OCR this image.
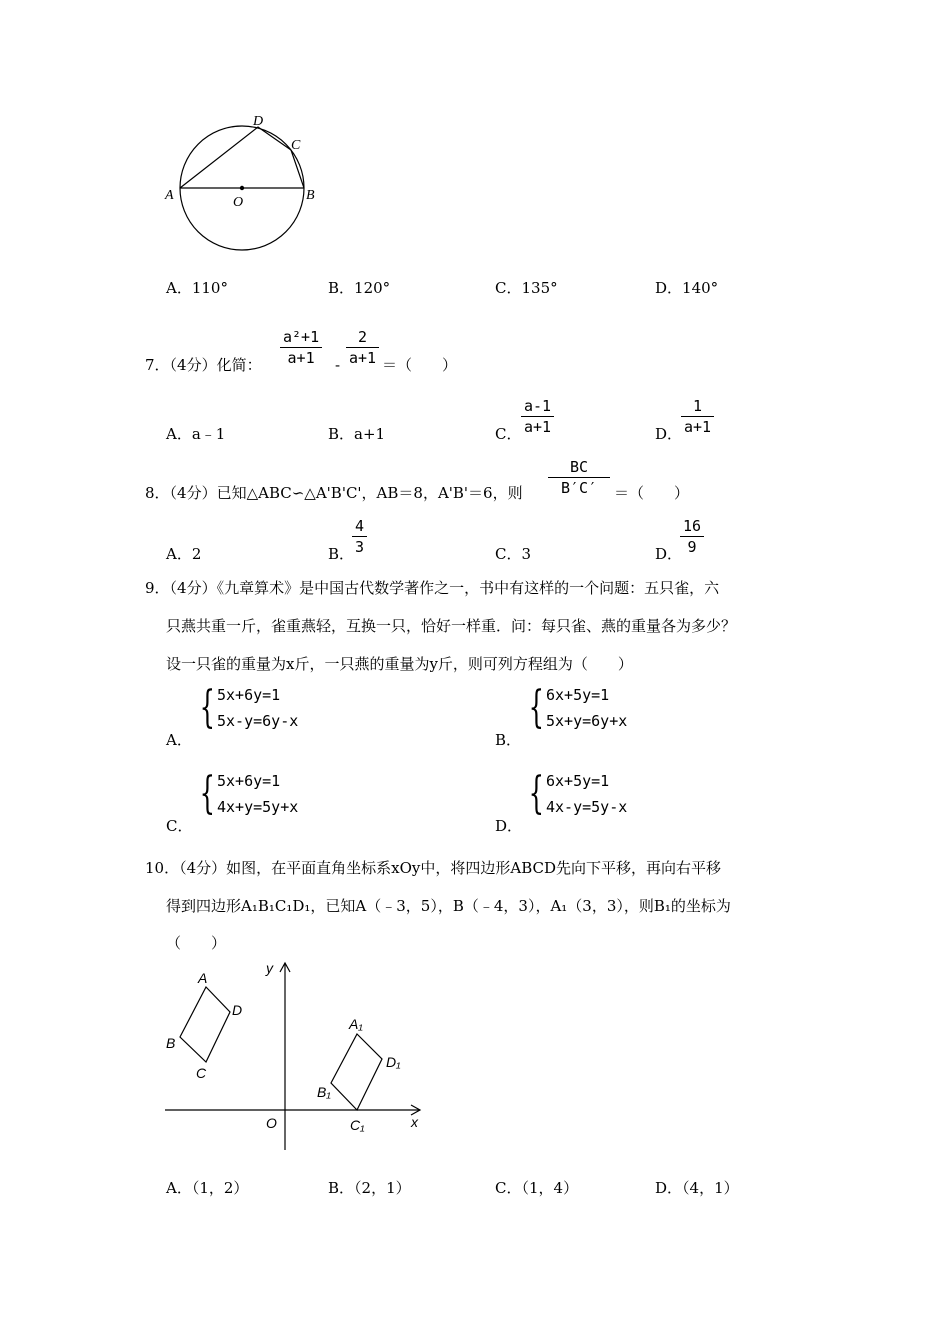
A	B
C
D
O
A．110°	B．120°	C．135°	D．140°
7．（4分）化简： $\frac{\text{a²+1}}{a+1} - \frac{2}{a+1}$ ＝（　　）
A．a﹣1	B．a+1	C． $\frac{a-1}{a+1}$	D．
$\frac{1}{a+1}$
8．（4分）已知△ABC∽△A'B'C'，AB＝8，A'B'＝6，则 $\frac{BC}{B'C'}$ ＝（　　）
A．2	B．
$\frac{4}{3}$	C．3	D．
$\frac{16}{9}$
9．（4分）《九章算术》是中国古代数学著作之一，书中有这样的一个问题：五只雀，六
只燕共重一斤，雀重燕轻，互换一只，恰好一样重．问：每只雀、燕的重量各为多少？
设一只雀的重量为x斤，一只燕的重量为y斤，则可列方程组为（　　）
A．
{ 5x+6y=1
5x-y=6y-x
B．
{ 6x+5y=1
5x+y=6y+x
C．
{ 5x+6y=1
4x+y=5y+x
D．
{ 6x+5y=1
4x-y=5y-x
10．（4分）如图，在平面直角坐标系xOy中，将四边形ABCD先向下平移，再向右平移
得到四边形A₁B₁C₁D₁，已知A（﹣3，5），B（﹣4，3），A₁（3，3），则B₁的坐标为
（　　）
A
B
C
D
A₁
B₁
C₁
D₁
O	x
y
A．（1，2）	B．（2，1）	C．（1，4）	D．（4，1）
